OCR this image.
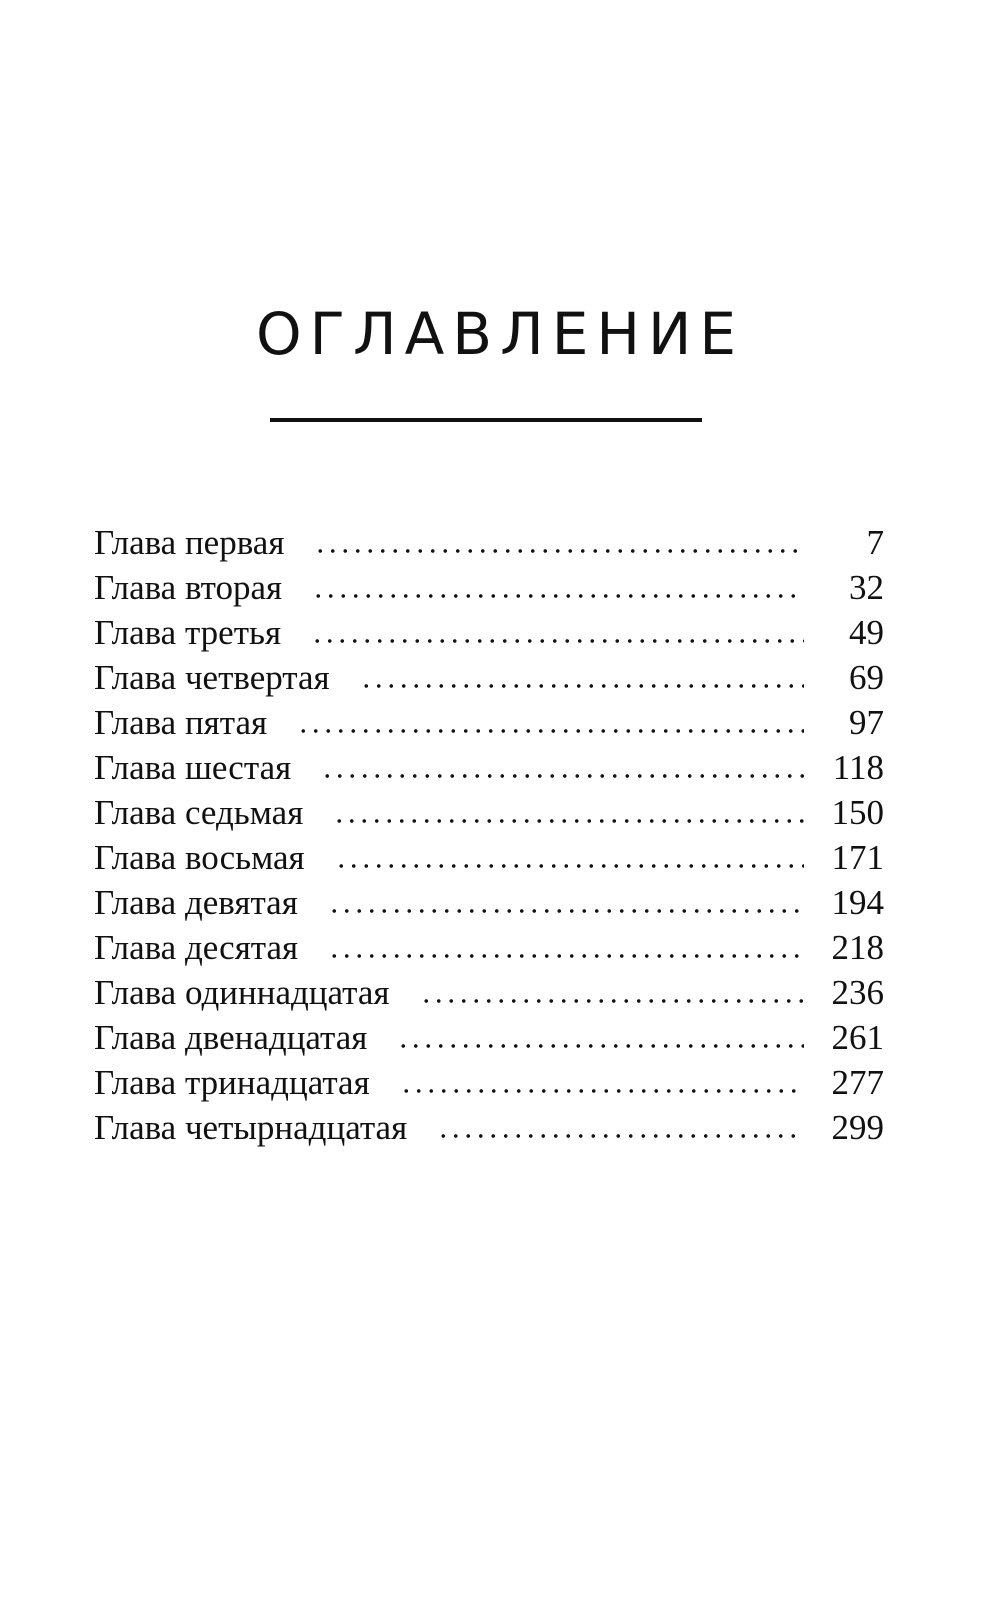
ОГЛАВЛЕНИЕ
Глава первая	7
Глава вторая	32
Глава третья	49
Глава четвертая	69
Глава пятая	97
Глава шестая	118
Глава седьмая	150
Глава восьмая	171
Глава девятая	194
Глава десятая	218
Глава одиннадцатая	236
Глава двенадцатая	261
Глава тринадцатая	277
Глава четырнадцатая	299
